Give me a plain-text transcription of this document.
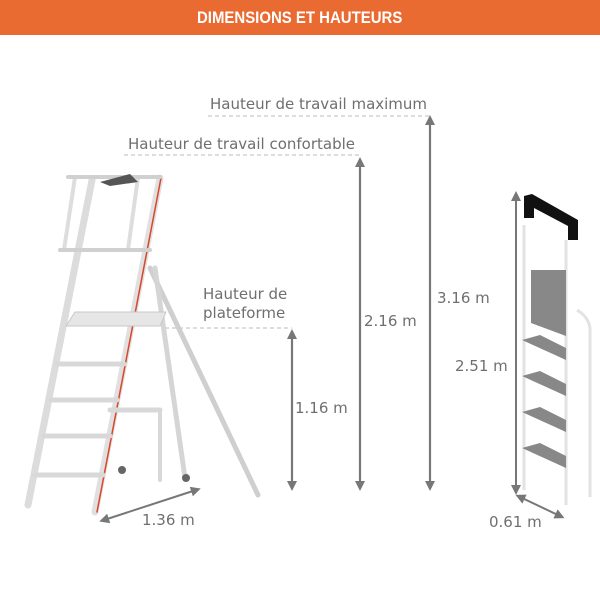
DIMENSIONS ET HAUTEURS
Hauteur de travail maximum
Hauteur de travail confortable
Hauteur de
plateforme
1.16 m
2.16 m
3.16 m
2.51 m
1.36 m	0.61 m
